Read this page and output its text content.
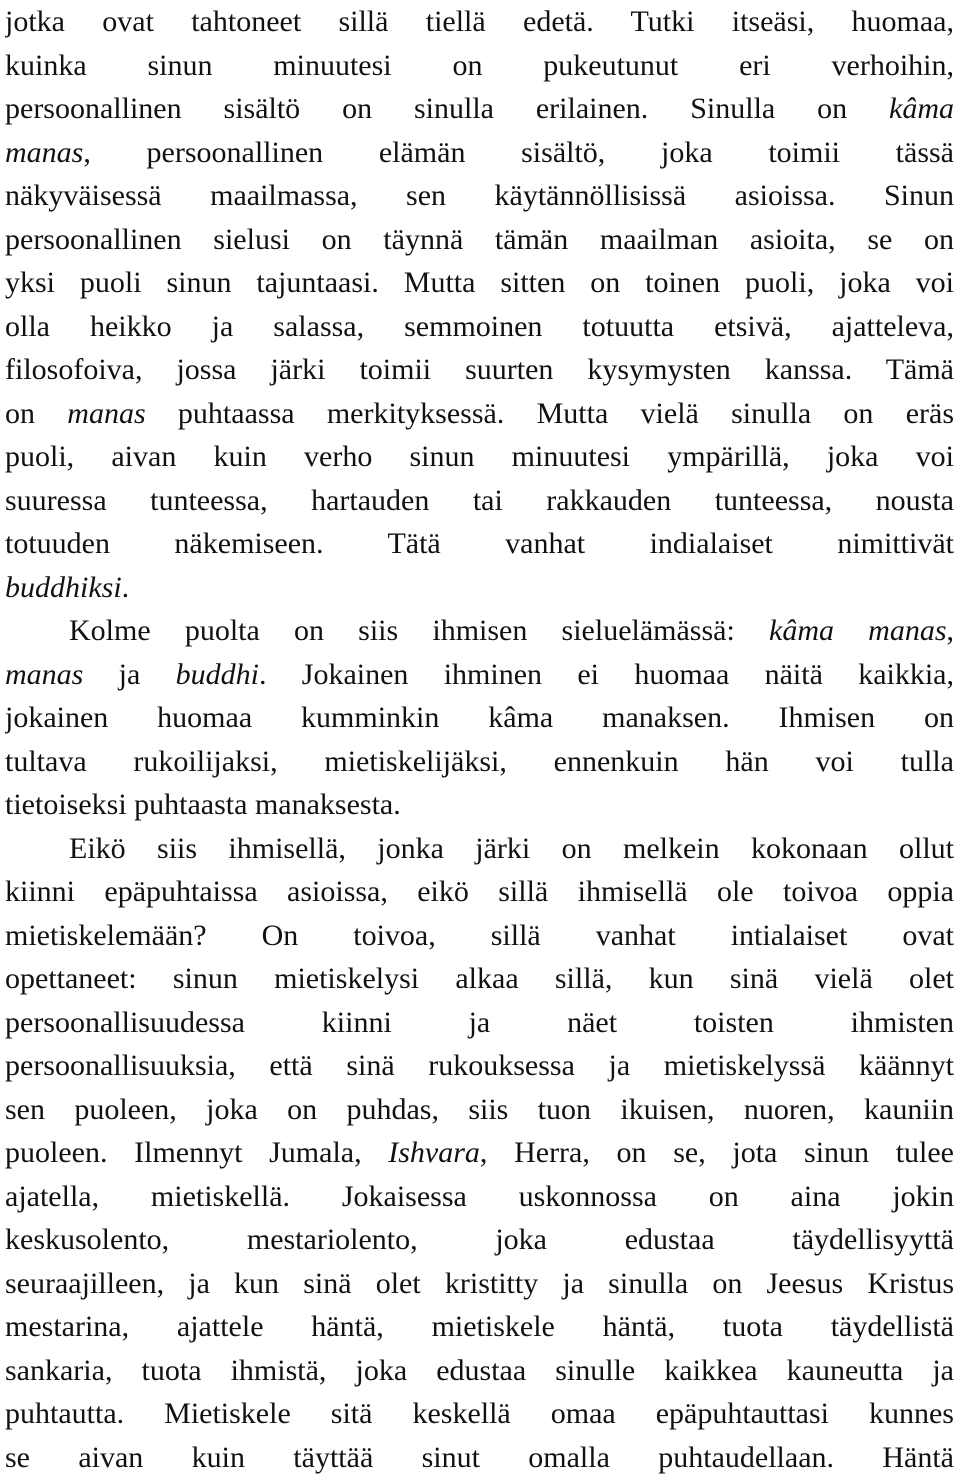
jotka ovat tahtoneet sillä tiellä edetä. Tutki itseäsi, huomaa,
kuinka sinun minuutesi on pukeutunut eri verhoihin,
persoonallinen sisältö on sinulla erilainen. Sinulla on kâma
manas, persoonallinen elämän sisältö, joka toimii tässä
näkyväisessä maailmassa, sen käytännöllisissä asioissa. Sinun
persoonallinen sielusi on täynnä tämän maailman asioita, se on
yksi puoli sinun tajuntaasi. Mutta sitten on toinen puoli, joka voi
olla heikko ja salassa, semmoinen totuutta etsivä, ajatteleva,
filosofoiva, jossa järki toimii suurten kysymysten kanssa. Tämä
on manas puhtaassa merkityksessä. Mutta vielä sinulla on eräs
puoli, aivan kuin verho sinun minuutesi ympärillä, joka voi
suuressa tunteessa, hartauden tai rakkauden tunteessa, nousta
totuuden näkemiseen. Tätä vanhat indialaiset nimittivät
buddhiksi.
Kolme puolta on siis ihmisen sieluelämässä: kâma manas,
manas ja buddhi. Jokainen ihminen ei huomaa näitä kaikkia,
jokainen huomaa kumminkin kâma manaksen. Ihmisen on
tultava rukoilijaksi, mietiskelijäksi, ennenkuin hän voi tulla
tietoiseksi puhtaasta manaksesta.
Eikö siis ihmisellä, jonka järki on melkein kokonaan ollut
kiinni epäpuhtaissa asioissa, eikö sillä ihmisellä ole toivoa oppia
mietiskelemään? On toivoa, sillä vanhat intialaiset ovat
opettaneet: sinun mietiskelysi alkaa sillä, kun sinä vielä olet
persoonallisuudessa kiinni ja näet toisten ihmisten
persoonallisuuksia, että sinä rukouksessa ja mietiskelyssä käännyt
sen puoleen, joka on puhdas, siis tuon ikuisen, nuoren, kauniin
puoleen. Ilmennyt Jumala, Ishvara, Herra, on se, jota sinun tulee
ajatella, mietiskellä. Jokaisessa uskonnossa on aina jokin
keskusolento, mestariolento, joka edustaa täydellisyyttä
seuraajilleen, ja kun sinä olet kristitty ja sinulla on Jeesus Kristus
mestarina, ajattele häntä, mietiskele häntä, tuota täydellistä
sankaria, tuota ihmistä, joka edustaa sinulle kaikkea kauneutta ja
puhtautta. Mietiskele sitä keskellä omaa epäpuhtauttasi kunnes
se aivan kuin täyttää sinut omalla puhtaudellaan. Häntä
